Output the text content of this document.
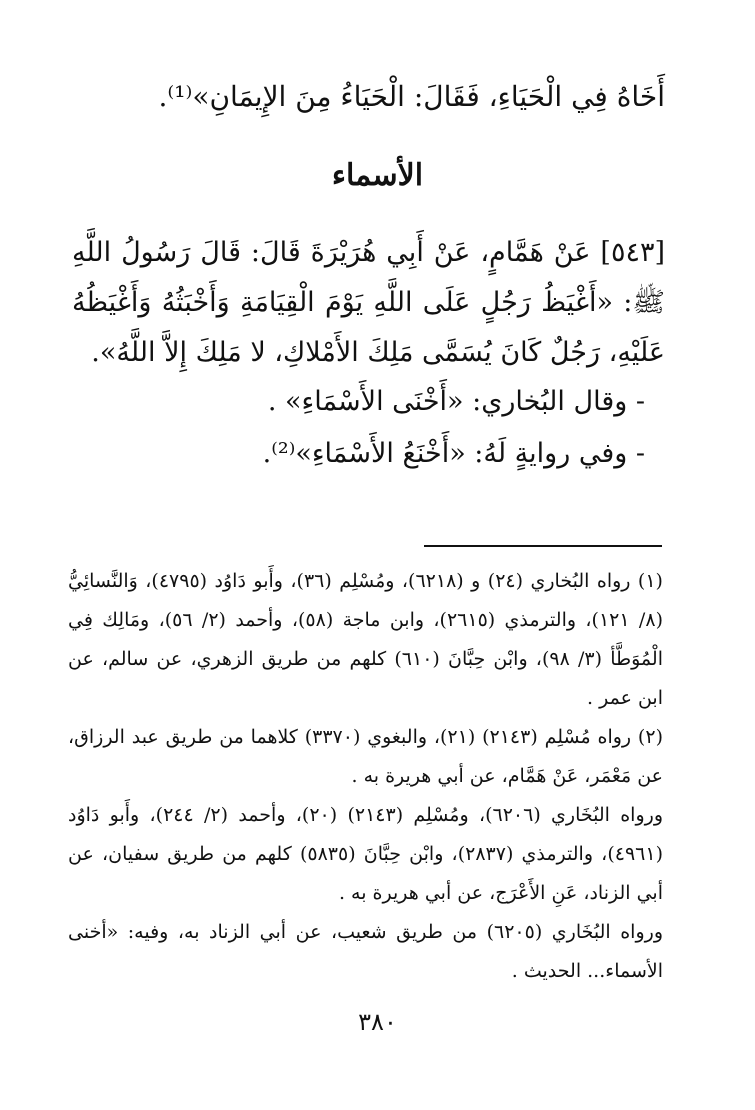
أَخَاهُ فِي الْحَيَاءِ، فَقَالَ: الْحَيَاءُ مِنَ الإِيمَانِ»⁽¹⁾.
الأسماء
[٥٤٣] عَنْ هَمَّامٍ، عَنْ أَبِي هُرَيْرَةَ قَالَ: قَالَ رَسُولُ اللَّهِ ﷺ: «أَغْيَظُ رَجُلٍ عَلَى اللَّهِ يَوْمَ الْقِيَامَةِ وَأَخْبَثُهُ وَأَغْيَظُهُ عَلَيْهِ، رَجُلٌ كَانَ يُسَمَّى مَلِكَ الأَمْلاكِ، لا مَلِكَ إِلاَّ اللَّهُ».
- وقال البُخاري: «أَخْنَى الأَسْمَاءِ» .
- وفي روايةٍ لَهُ: «أَخْنَعُ الأَسْمَاءِ»⁽²⁾.
(١) رواه البُخاري (٢٤) و (٦٢١٨)، ومُسْلِم (٣٦)، وأَبو دَاوُد (٤٧٩٥)، وَالنَّسائِيُّ (٨/ ١٢١)، والترمذي (٢٦١٥)، وابن ماجة (٥٨)، وأحمد (٢/ ٥٦)، ومَالِك فِي الْمُوَطَّأ (٣/ ٩٨)، وابْن حِبَّانَ (٦١٠) كلهم من طريق الزهري، عن سالم، عن ابن عمر .
(٢) رواه مُسْلِم (٢١٤٣) (٢١)، والبغوي (٣٣٧٠) كلاهما من طريق عبد الرزاق، عن مَعْمَر، عَنْ هَمَّام، عن أبي هريرة به .
ورواه البُخَاري (٦٢٠٦)، ومُسْلِم (٢١٤٣) (٢٠)، وأحمد (٢/ ٢٤٤)، وأَبو دَاوُد (٤٩٦١)، والترمذي (٢٨٣٧)، وابْن حِبَّانَ (٥٨٣٥) كلهم من طريق سفيان، عن أبي الزناد، عَنِ الأَعْرَج، عن أبي هريرة به .
ورواه البُخَاري (٦٢٠٥) من طريق شعيب، عن أبي الزناد به، وفيه: «أخنى الأسماء... الحديث .
٣٨٠
